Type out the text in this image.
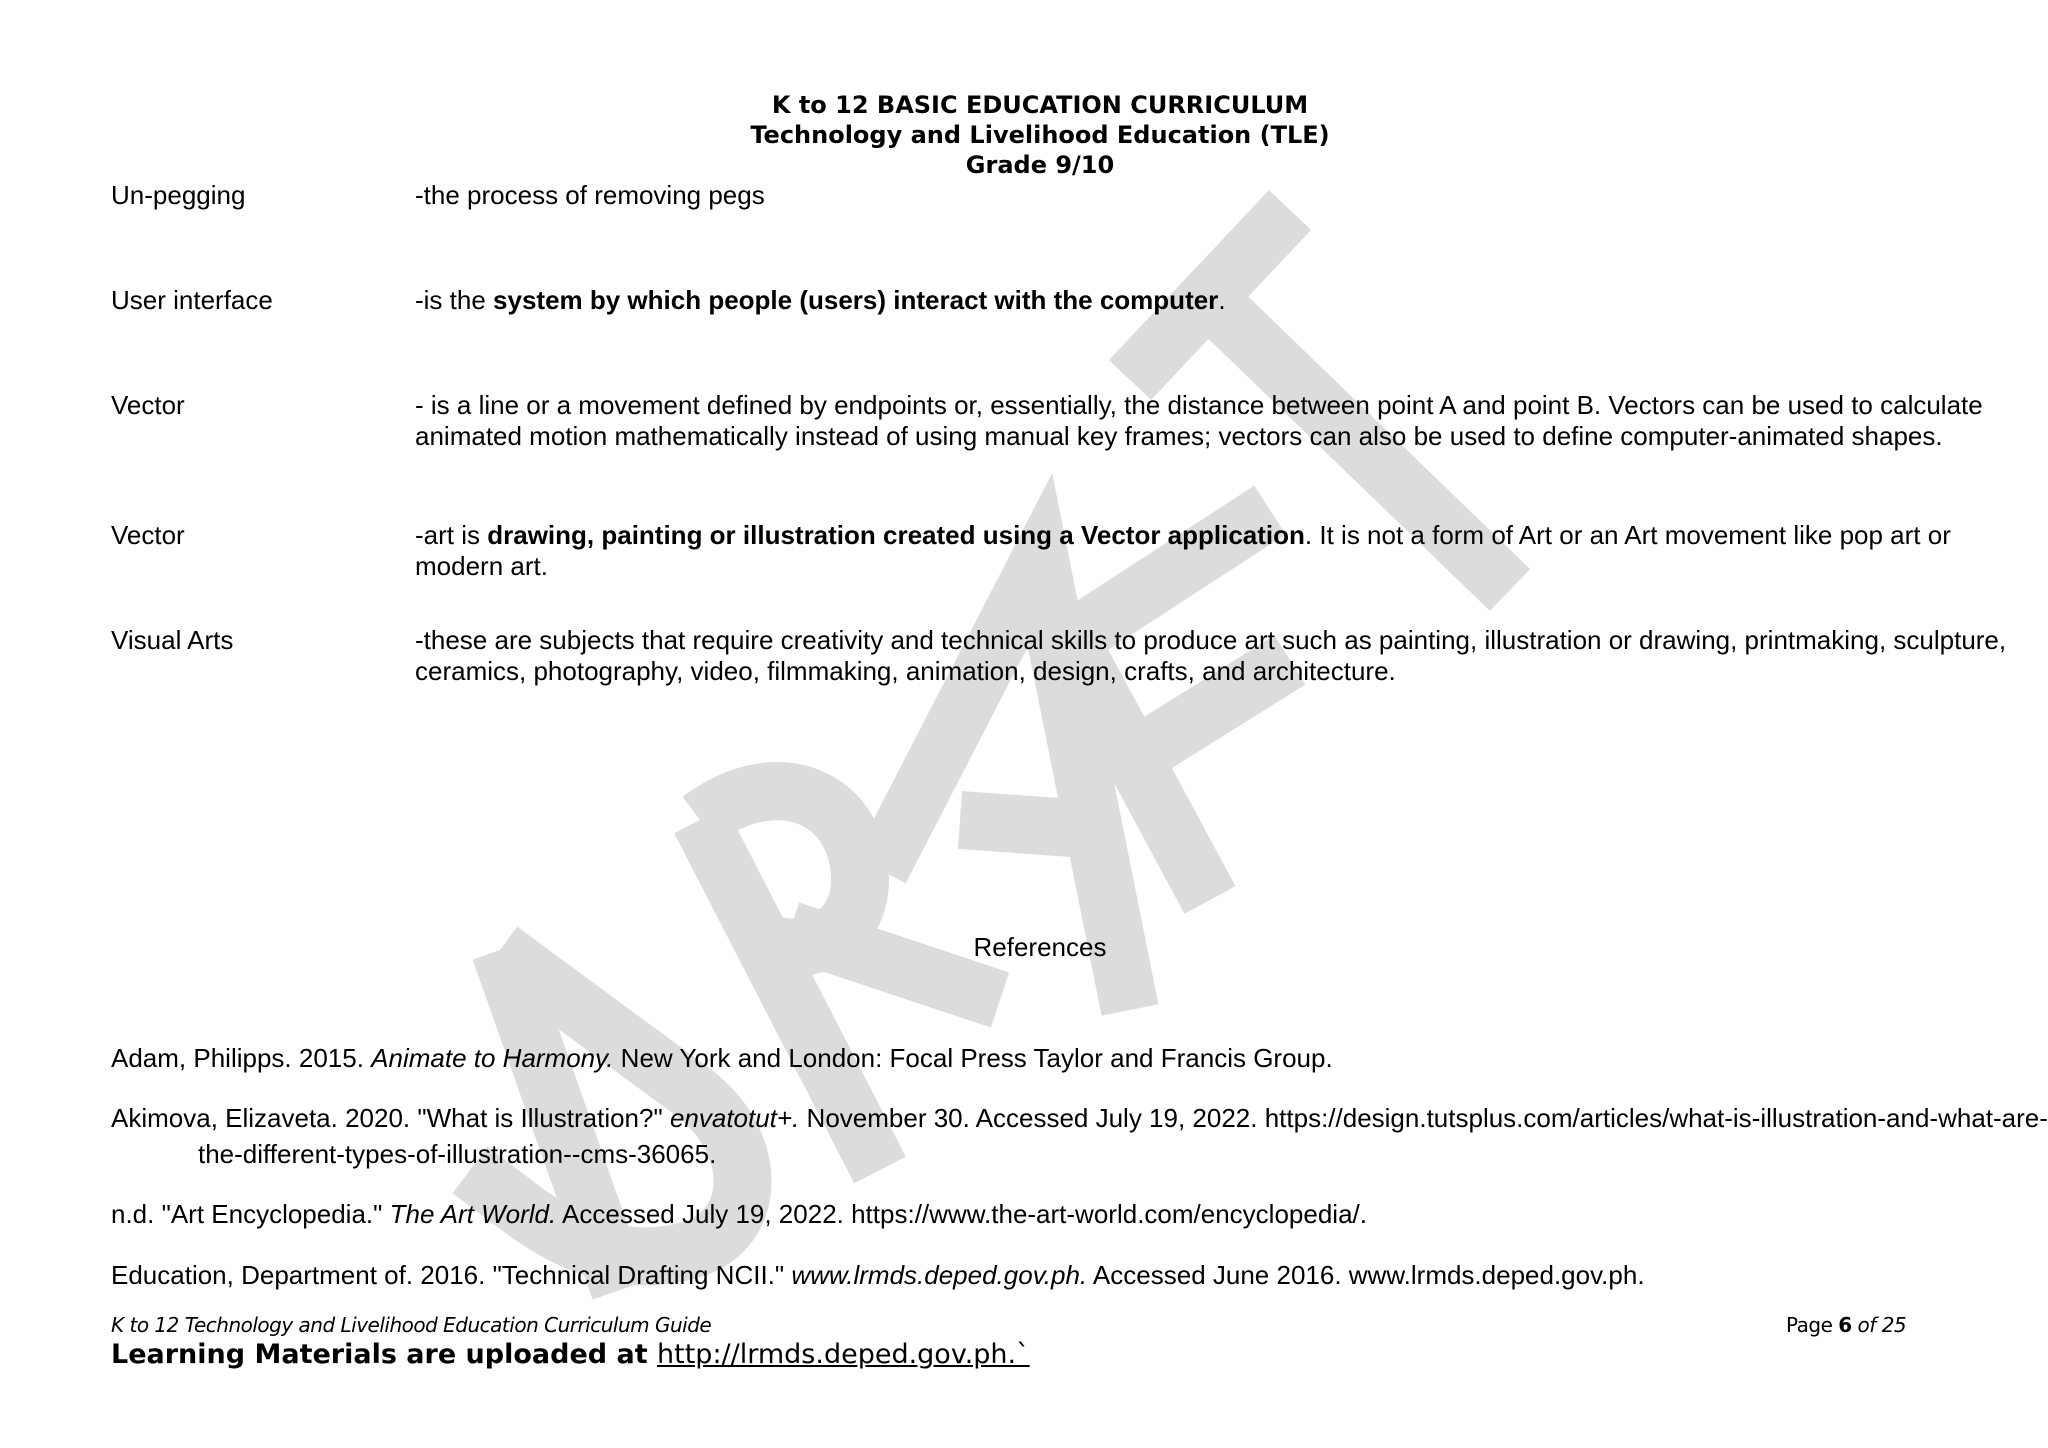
K to 12 BASIC EDUCATION CURRICULUM
Technology and Livelihood Education (TLE)
Grade 9/10
Un-pegging	-the process of removing pegs
User interface	-is the system by which people (users) interact with the computer.
Vector	- is a line or a movement defined by endpoints or, essentially, the distance between point A and point B. Vectors can be used to calculate animated motion mathematically instead of using manual key frames; vectors can also be used to define computer-animated shapes.
Vector	-art is drawing, painting or illustration created using a Vector application. It is not a form of Art or an Art movement like pop art or modern art.
Visual Arts	-these are subjects that require creativity and technical skills to produce art such as painting, illustration or drawing, printmaking, sculpture, ceramics, photography, video, filmmaking, animation, design, crafts, and architecture.
References
Adam, Philipps. 2015. Animate to Harmony. New York and London: Focal Press Taylor and Francis Group.
Akimova, Elizaveta. 2020. "What is Illustration?" envatotut+. November 30. Accessed July 19, 2022. https://design.tutsplus.com/articles/what-is-illustration-and-what-are-the-different-types-of-illustration--cms-36065.
n.d. "Art Encyclopedia." The Art World. Accessed July 19, 2022. https://www.the-art-world.com/encyclopedia/.
Education, Department of. 2016. "Technical Drafting NCII." www.lrmds.deped.gov.ph. Accessed June 2016. www.lrmds.deped.gov.ph.
K to 12 Technology and Livelihood Education Curriculum Guide	Page 6 of 25
Learning Materials are uploaded at http://lrmds.deped.gov.ph.`
